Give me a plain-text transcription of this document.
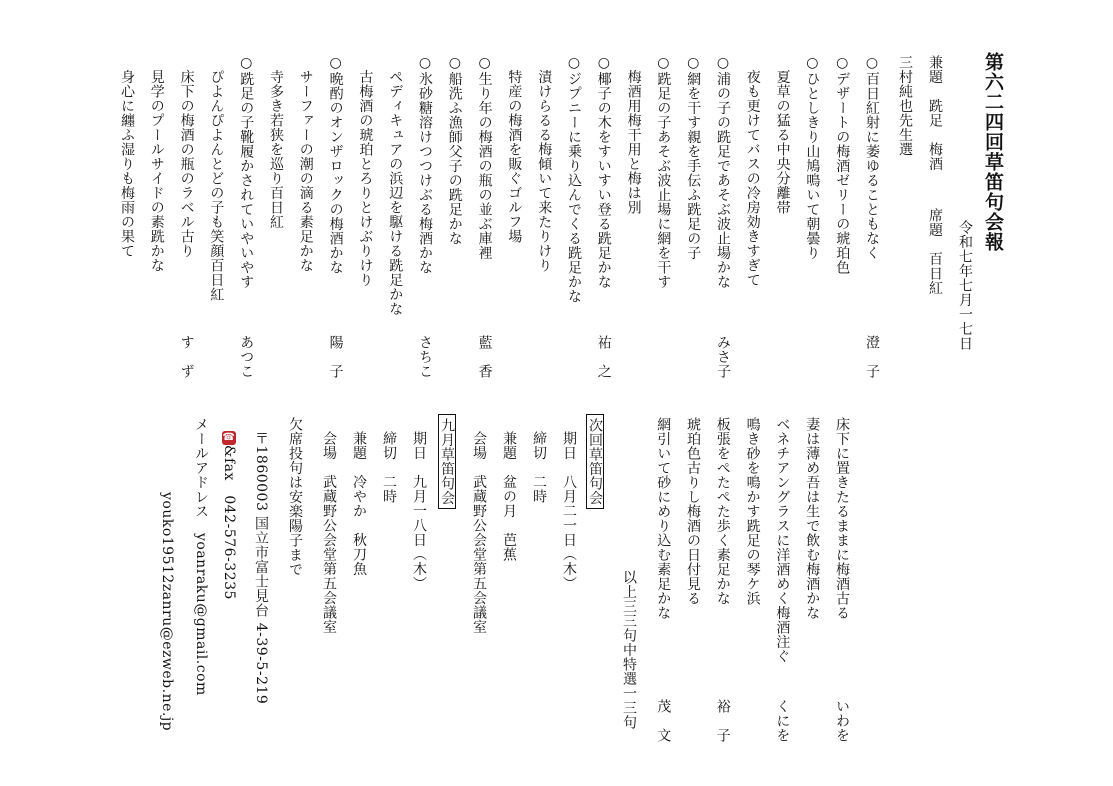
第六二四回草笛句会報
令和七年七月一七日
兼題　跣足　梅酒
席題　百日紅
三村純也先生選
○百日紅射に萎ゆることもなく
澄　子
○デザートの梅酒ゼリーの琥珀色
○ひとしきり山鳩鳴いて朝曇り
　夏草の猛る中央分離帯
　夜も更けてバスの冷房効きすぎて
○浦の子の跣足であそぶ波止場かな
みさ子
○網を干す親を手伝ふ跣足の子
○跣足の子あそぶ波止場に網を干す
　梅酒用梅干用と梅は別
○椰子の木をすいすい登る跣足かな
祐　之
○ジプニーに乗り込んでくる跣足かな
　漬けらるる梅傾いて来たりけり
　特産の梅酒を販ぐゴルフ場
○生り年の梅酒の瓶の並ぶ庫裡
藍　香
○船洗ふ漁師父子の跣足かな
○氷砂糖溶けつつけぶる梅酒かな
さちこ
　ペディキュアの浜辺を駆ける跣足かな
　古梅酒の琥珀とろりとけぶりけり
○晩酌のオンザロックの梅酒かな
陽　子
　サーファーの潮の滴る素足かな
　寺多き若狭を巡り百日紅
○跣足の子靴履かされていやいやす
あつこ
　ぴよんぴよんとどの子も笑顔百日紅
　床下の梅酒の瓶のラベル古り
す　ず
　見学のプールサイドの素跣かな
　身心に纏ふ湿りも梅雨の果て
床下に置きたるままに梅酒古る
いわを
妻は薄め吾は生で飲む梅酒かな
ベネチアングラスに洋酒めく梅酒注ぐ
くにを
鳴き砂を鳴かす跣足の琴ケ浜
板張をぺたぺた歩く素足かな
裕　子
琥珀色古りし梅酒の日付見る
網引いて砂にめり込む素足かな
茂　文
以上三三句中特選一三句
次回草笛句会
期日　八月二一日（木）
締切　二時
兼題　盆の月　芭蕉
会場　武蔵野公会堂第五会議室
九月草笛句会
期日　九月一八日（木）
締切　二時
兼題　冷やか　秋刀魚
会場　武蔵野公会堂第五会議室
欠席投句は安楽陽子まで
〒1860003 国立市富士見台 4-39-5-219
☎&fax　042-576-3235
メールアドレス　yoanraku@gmail.com
youko19512zanru@ezweb.ne.jp
